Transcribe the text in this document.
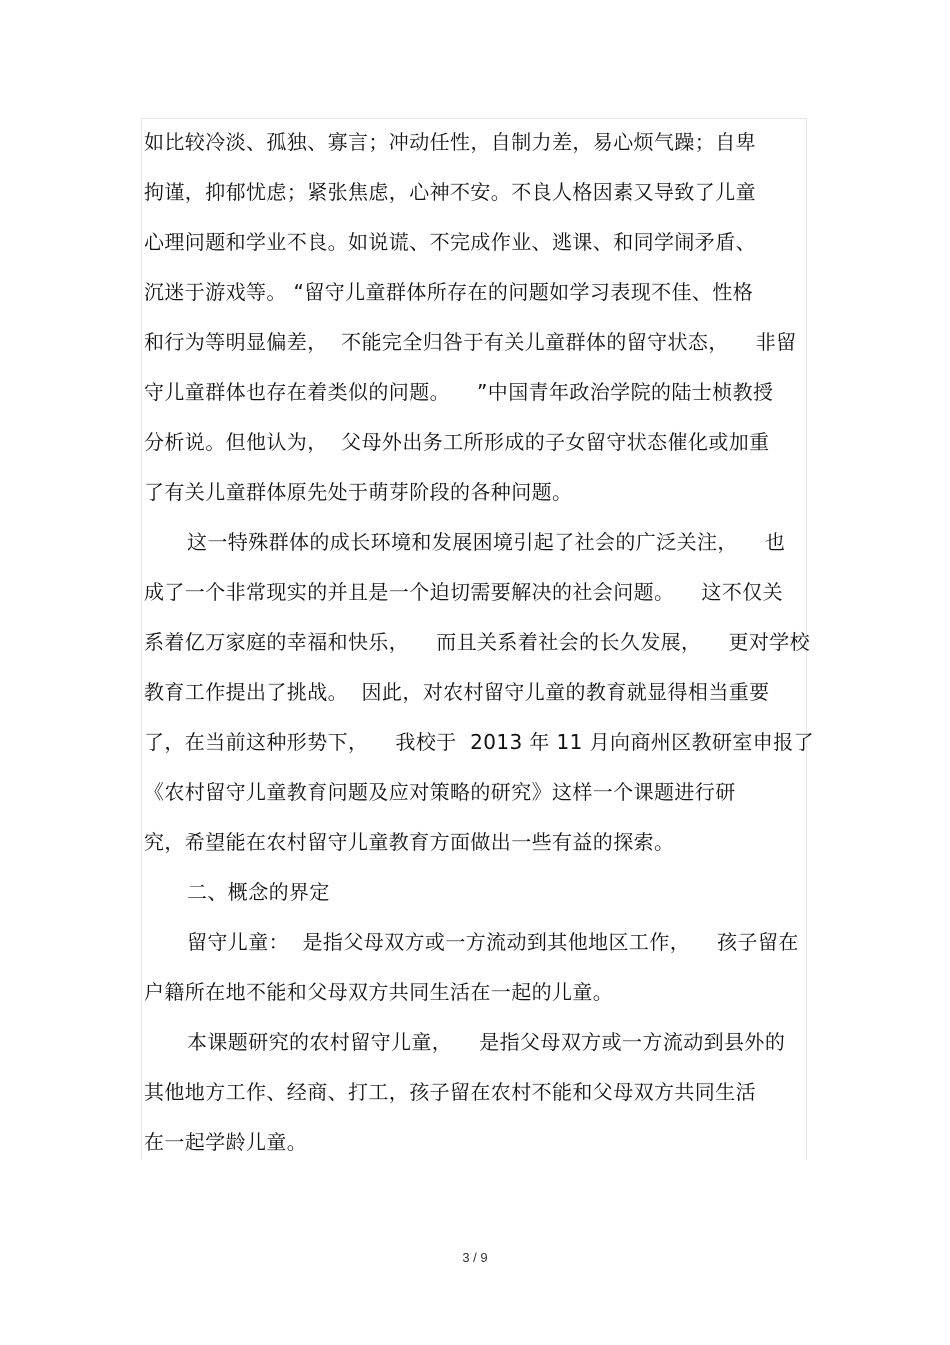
如比较冷淡、孤独、寡言；冲动任性，自制力差，易心烦气躁；自卑
拘谨，抑郁忧虑；紧张焦虑，心神不安。不良人格因素又导致了儿童
心理问题和学业不良。如说谎、不完成作业、逃课、和同学闹矛盾、
沉迷于游戏等。 “留守儿童群体所存在的问题如学习表现不佳、性格
和行为等明显偏差，  不能完全归咎于有关儿童群体的留守状态，    非留
守儿童群体也存在着类似的问题。    ”中国青年政治学院的陆士桢教授
分析说。但他认为，  父母外出务工所形成的子女留守状态催化或加重
了有关儿童群体原先处于萌芽阶段的各种问题。
这一特殊群体的成长环境和发展困境引起了社会的广泛关注，    也
成了一个非常现实的并且是一个迫切需要解决的社会问题。    这不仅关
系着亿万家庭的幸福和快乐，    而且关系着社会的长久发展，    更对学校
教育工作提出了挑战。  因此，对农村留守儿童的教育就显得相当重要
了，在当前这种形势下，    我校于  2013 年 11 月向商州区教研室申报了
《农村留守儿童教育问题及应对策略的研究》这样一个课题进行研
究，希望能在农村留守儿童教育方面做出一些有益的探索。
二、概念的界定
留守儿童：  是指父母双方或一方流动到其他地区工作，    孩子留在
户籍所在地不能和父母双方共同生活在一起的儿童。
本课题研究的农村留守儿童，    是指父母双方或一方流动到县外的
其他地方工作、经商、打工，孩子留在农村不能和父母双方共同生活
在一起学龄儿童。
3 / 9
